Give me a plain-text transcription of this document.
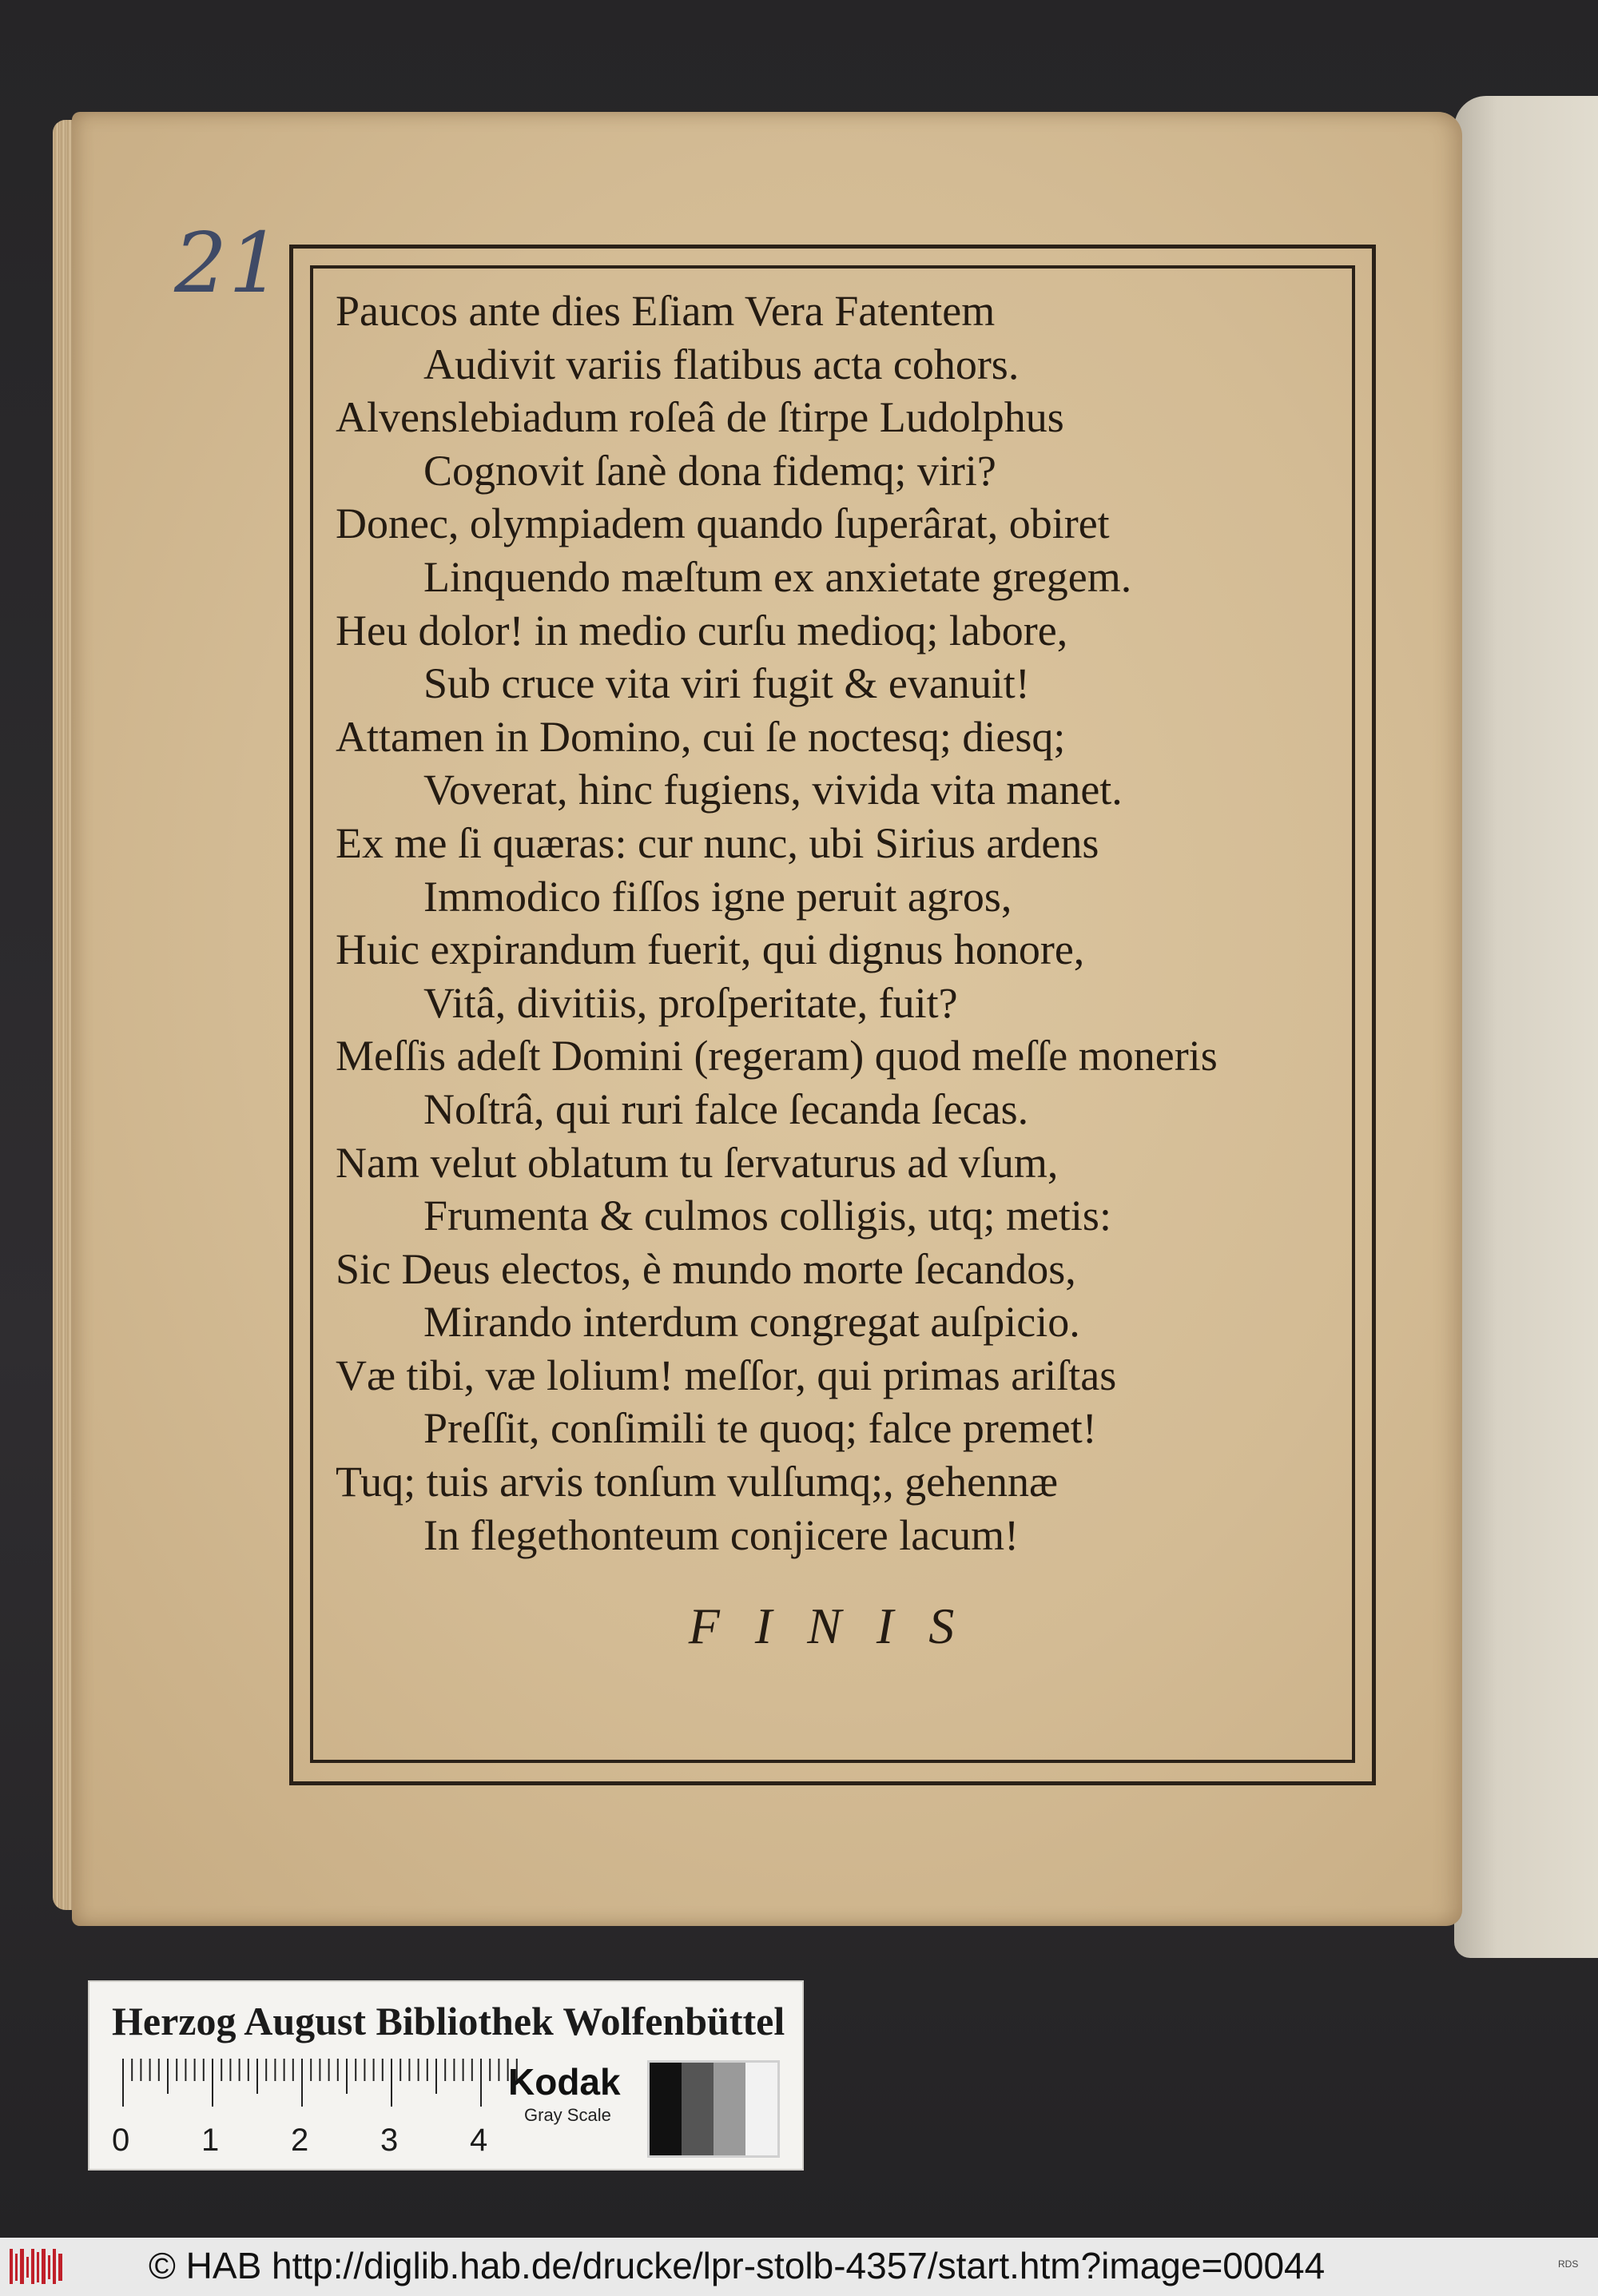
21 Paucos ante dies Eſiam Vera Fatentem
Audivit variis flatibus acta cohors.
Alvenslebiadum roſeâ de ſtirpe Ludolphus
Cognovit ſanè dona fidemq; viri?
Donec, olympiadem quando ſuperârat, obiret
Linquendo mæſtum ex anxietate gregem.
Heu dolor! in medio curſu medioq; labore,
Sub cruce vita viri fugit & evanuit!
Attamen in Domino, cui ſe noctesq; diesq;
Voverat, hinc fugiens, vivida vita manet.
Ex me ſi quæras: cur nunc, ubi Sirius ardens
Immodico fiſſos igne peruit agros,
Huic expirandum fuerit, qui dignus honore,
Vitâ, divitiis, proſperitate, fuit?
Meſſis adeſt Domini (regeram) quod meſſe moneris
Noſtrâ, qui ruri falce ſecanda ſecas.
Nam velut oblatum tu ſervaturus ad vſum,
Frumenta & culmos colligis, utq; metis:
Sic Deus electos, è mundo morte ſecandos,
Mirando interdum congregat auſpicio.
Væ tibi, væ lolium! meſſor, qui primas ariſtas
Preſſit, conſimili te quoq; falce premet!
Tuq; tuis arvis tonſum vulſumq;, gehennæ
In flegethonteum conjicere lacum!
FINIS
Herzog August Bibliothek Wolfenbüttel
0 1 2 3 4
Kodak
Gray Scale
© HAB http://diglib.hab.de/drucke/lpr-stolb-4357/start.htm?image=00044	RDS
